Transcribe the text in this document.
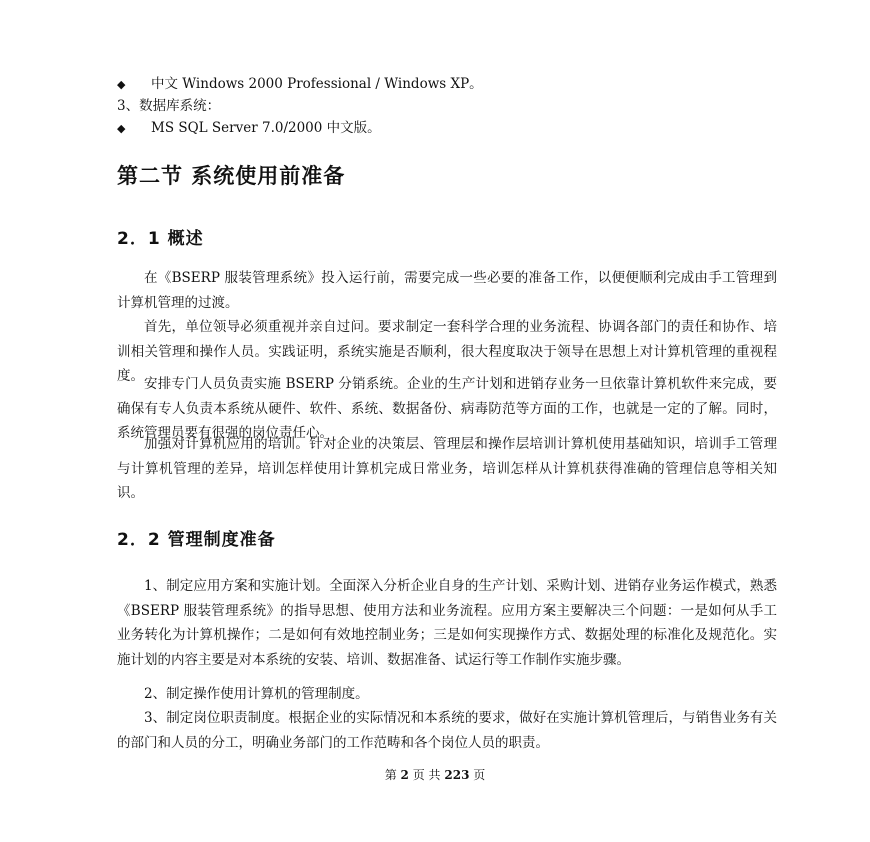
◆ 中文 Windows 2000 Professional / Windows XP。
3、数据库系统：
◆ MS SQL Server 7.0/2000 中文版。
第二节 系统使用前准备
2．1 概述

在《BSERP 服装管理系统》投入运行前，需要完成一些必要的准备工作，以便便顺利完成由手工管理到计算机管理的过渡。

首先，单位领导必须重视并亲自过问。要求制定一套科学合理的业务流程、协调各部门的责任和协作、培训相关管理和操作人员。实践证明，系统实施是否顺利，很大程度取决于领导在思想上对计算机管理的重视程度。 安排专门人员负责实施 BSERP 分销系统。企业的生产计划和进销存业务一旦依靠计算机软件来完成，要确保有专人负责本系统从硬件、软件、系统、数据备份、病毒防范等方面的工作，也就是一定的了解。同时，系统管理员要有很强的岗位责任心。

加强对计算机应用的培训。针对企业的决策层、管理层和操作层培训计算机使用基础知识，培训手工管理与计算机管理的差异，培训怎样使用计算机完成日常业务，培训怎样从计算机获得准确的管理信息等相关知识。

2．2 管理制度准备

1、制定应用方案和实施计划。全面深入分析企业自身的生产计划、采购计划、进销存业务运作模式，熟悉《BSERP 服装管理系统》的指导思想、使用方法和业务流程。应用方案主要解决三个问题：一是如何从手工业务转化为计算机操作；二是如何有效地控制业务；三是如何实现操作方式、数据处理的标准化及规范化。实施计划的内容主要是对本系统的安装、培训、数据准备、试运行等工作制作实施步骤。

2、制定操作使用计算机的管理制度。

3、制定岗位职责制度。根据企业的实际情况和本系统的要求，做好在实施计算机管理后，与销售业务有关的部门和人员的分工，明确业务部门的工作范畴和各个岗位人员的职责。

第 2 页 共 223 页
